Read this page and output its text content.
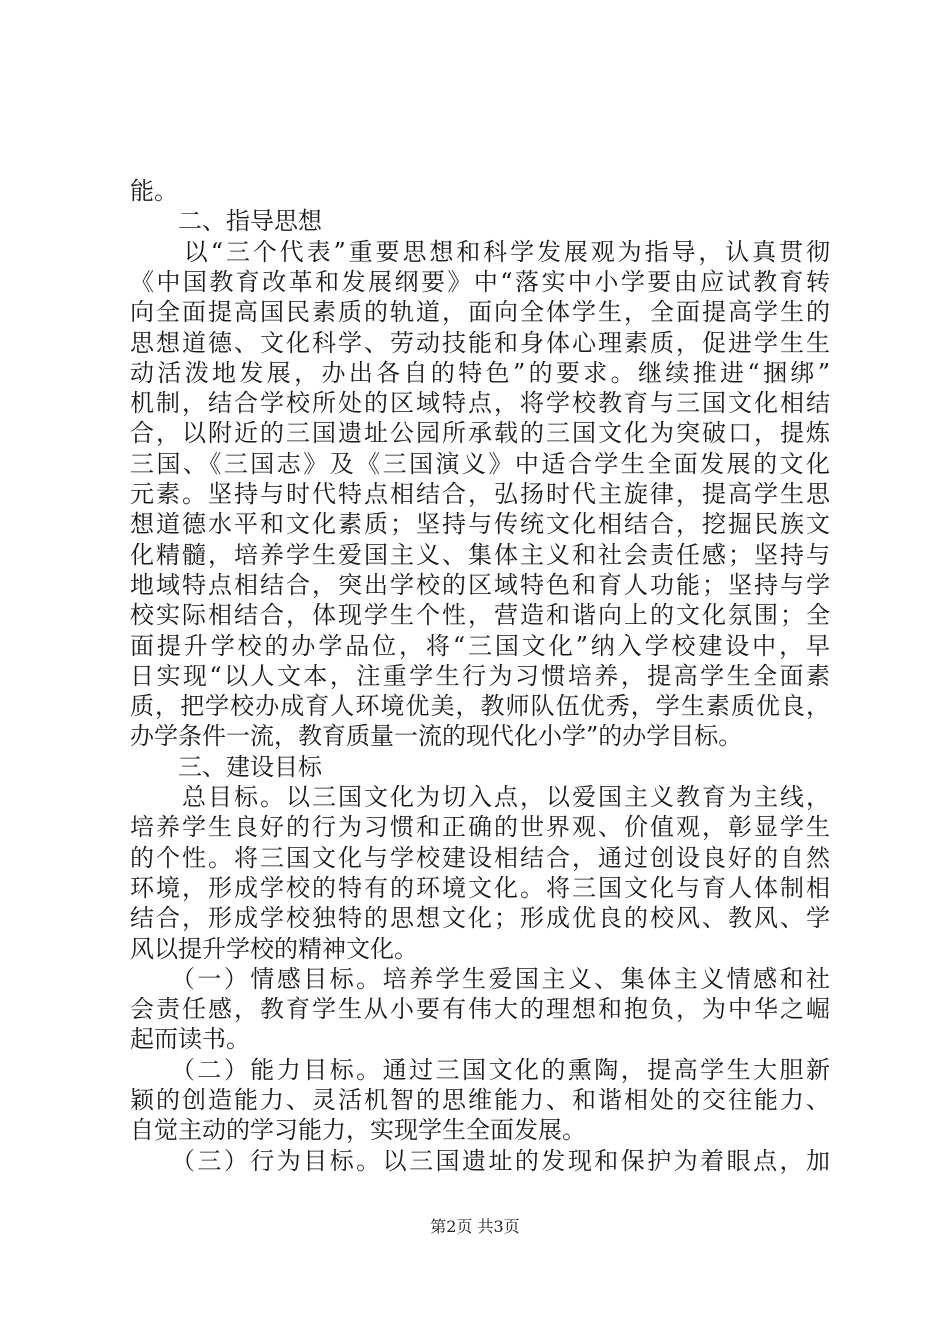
能。
　　二、指导思想
　　以“三个代表”重要思想和科学发展观为指导，认真贯彻
《中国教育改革和发展纲要》中“落实中小学要由应试教育转
向全面提高国民素质的轨道，面向全体学生，全面提高学生的
思想道德、文化科学、劳动技能和身体心理素质，促进学生生
动活泼地发展，办出各自的特色”的要求。继续推进“捆绑”
机制，结合学校所处的区域特点，将学校教育与三国文化相结
合，以附近的三国遗址公园所承载的三国文化为突破口，提炼
三国、《三国志》及《三国演义》中适合学生全面发展的文化
元素。坚持与时代特点相结合，弘扬时代主旋律，提高学生思
想道德水平和文化素质；坚持与传统文化相结合，挖掘民族文
化精髓，培养学生爱国主义、集体主义和社会责任感；坚持与
地域特点相结合，突出学校的区域特色和育人功能；坚持与学
校实际相结合，体现学生个性，营造和谐向上的文化氛围；全
面提升学校的办学品位，将“三国文化”纳入学校建设中，早
日实现“以人文本，注重学生行为习惯培养，提高学生全面素
质，把学校办成育人环境优美，教师队伍优秀，学生素质优良，
办学条件一流，教育质量一流的现代化小学”的办学目标。
　　三、建设目标
　　总目标。以三国文化为切入点，以爱国主义教育为主线，
培养学生良好的行为习惯和正确的世界观、价值观，彰显学生
的个性。将三国文化与学校建设相结合，通过创设良好的自然
环境，形成学校的特有的环境文化。将三国文化与育人体制相
结合，形成学校独特的思想文化；形成优良的校风、教风、学
风以提升学校的精神文化。
　　（一）情感目标。培养学生爱国主义、集体主义情感和社
会责任感，教育学生从小要有伟大的理想和抱负，为中华之崛
起而读书。
　　（二）能力目标。通过三国文化的熏陶，提高学生大胆新
颖的创造能力、灵活机智的思维能力、和谐相处的交往能力、
自觉主动的学习能力，实现学生全面发展。
　　（三）行为目标。以三国遗址的发现和保护为着眼点，加
第2页 共3页
